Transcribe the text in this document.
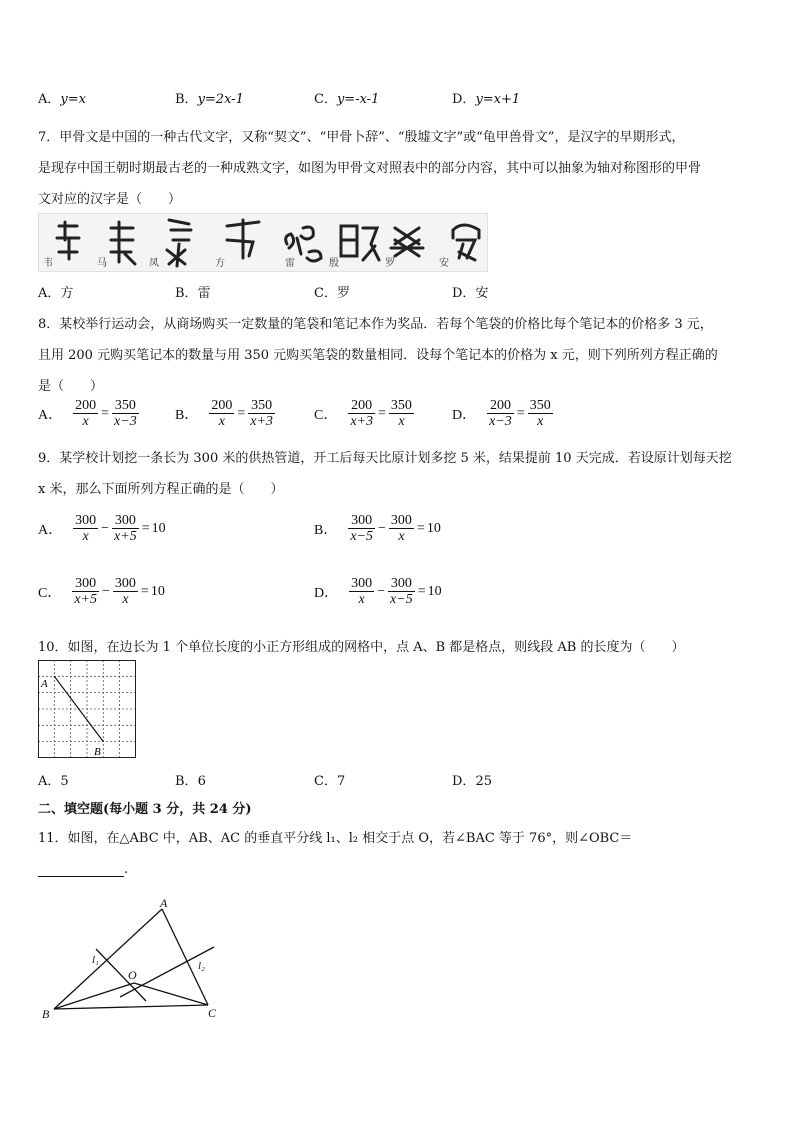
A．y=x	B．y=2x-1	C．y=-x-1	D．y=x+1
7．甲骨文是中国的一种古代文字，又称“契文”、“甲骨卜辞”、“殷墟文字”或“龟甲兽骨文”，是汉字的早期形式，
是现存中国王朝时期最古老的一种成熟文字，如图为甲骨文对照表中的部分内容，其中可以抽象为轴对称图形的甲骨
文对应的汉字是（　　）
韦	马	凤	方	雷	殷	罗	安
A．方	B．雷	C．罗	D．安
8．某校举行运动会，从商场购买一定数量的笔袋和笔记本作为奖品．若每个笔袋的价格比每个笔记本的价格多 3 元，
且用 200 元购买笔记本的数量与用 350 元购买笔袋的数量相同．设每个笔记本的价格为 x 元，则下列所列方程正确的
是（　　）
A． $\frac{200}{x} = \frac{350}{x-3}$	B． $\frac{200}{x} = \frac{350}{x+3}$	C． $\frac{200}{x+3} = \frac{350}{x}$	D． $\frac{200}{x-3} = \frac{350}{x}$
9．某学校计划挖一条长为 300 米的供热管道，开工后每天比原计划多挖 5 米，结果提前 10 天完成．若设原计划每天挖
x 米，那么下面所列方程正确的是（　　）
A． $\frac{300}{x} - \frac{300}{x+5} = 10$	B． $\frac{300}{x-5} - \frac{300}{x} = 10$
C． $\frac{300}{x+5} - \frac{300}{x} = 10$	D． $\frac{300}{x} - \frac{300}{x-5} = 10$
10．如图，在边长为 1 个单位长度的小正方形组成的网格中，点 A、B 都是格点，则线段 AB 的长度为（　　）
A
B
A．5	B．6	C．7	D．25
二、填空题(每小题 3 分，共 24 分)
11．如图，在△ABC 中，AB、AC 的垂直平分线 l₁、l₂ 相交于点 O，若∠BAC 等于 76°，则∠OBC＝
.
A
B	C
O
l₁	l₂
